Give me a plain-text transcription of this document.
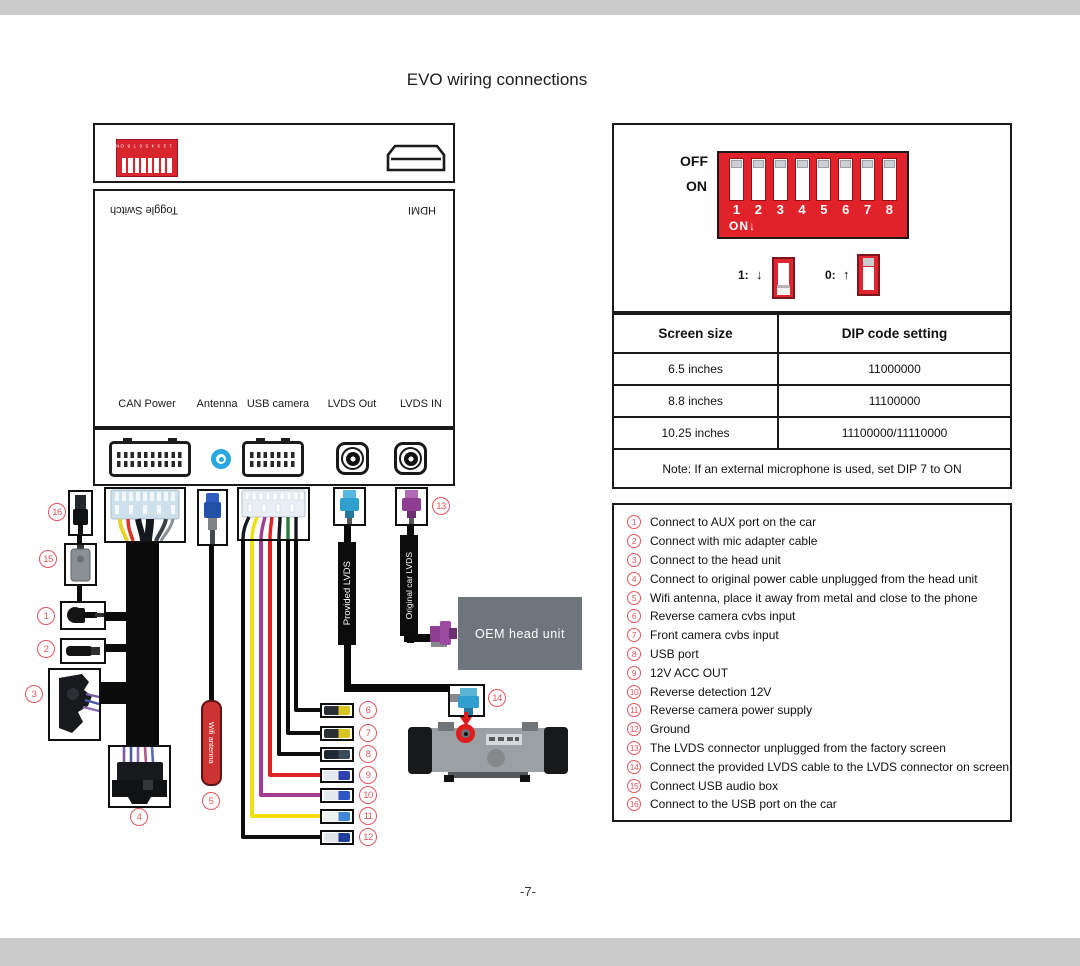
EVO wiring connections
1 2 3 4 5 6 7 8 ON
Toggle Switch	HDMI
CAN Power Antenna USB camera LVDS Out LVDS IN
Wifi antenna
Provided LVDS	Original car LVDS
OEM head unit
OFF
ON
1 2 3 4 5 6 7 8
ON↓
1: ↓	0: ↑
Screen size	DIP code setting
6.5 inches	11000000
8.8 inches	11100000
10.25 inches	11100000/11110000
Note: If an external microphone is used, set DIP 7 to ON	
1	Connect to AUX port on the car
2	Connect with mic adapter cable
3	Connect to the head unit
4	Connect to original power cable unplugged from the head unit
5	Wifi antenna, place it away from metal and close to the phone
6	Reverse camera cvbs input
7	Front camera cvbs input
8	USB port
9	12V ACC OUT
10 Reverse detection 12V
11 Reverse camera power supply
12 Ground
13 The LVDS connector unplugged from the factory screen
14 Connect the provided LVDS cable to the LVDS connector on screen
15 Connect USB audio box
16 Connect to the USB port on the car
-7-
1
2
3
4
5
6
7
8
9
10
11
12
13
14
15
16
